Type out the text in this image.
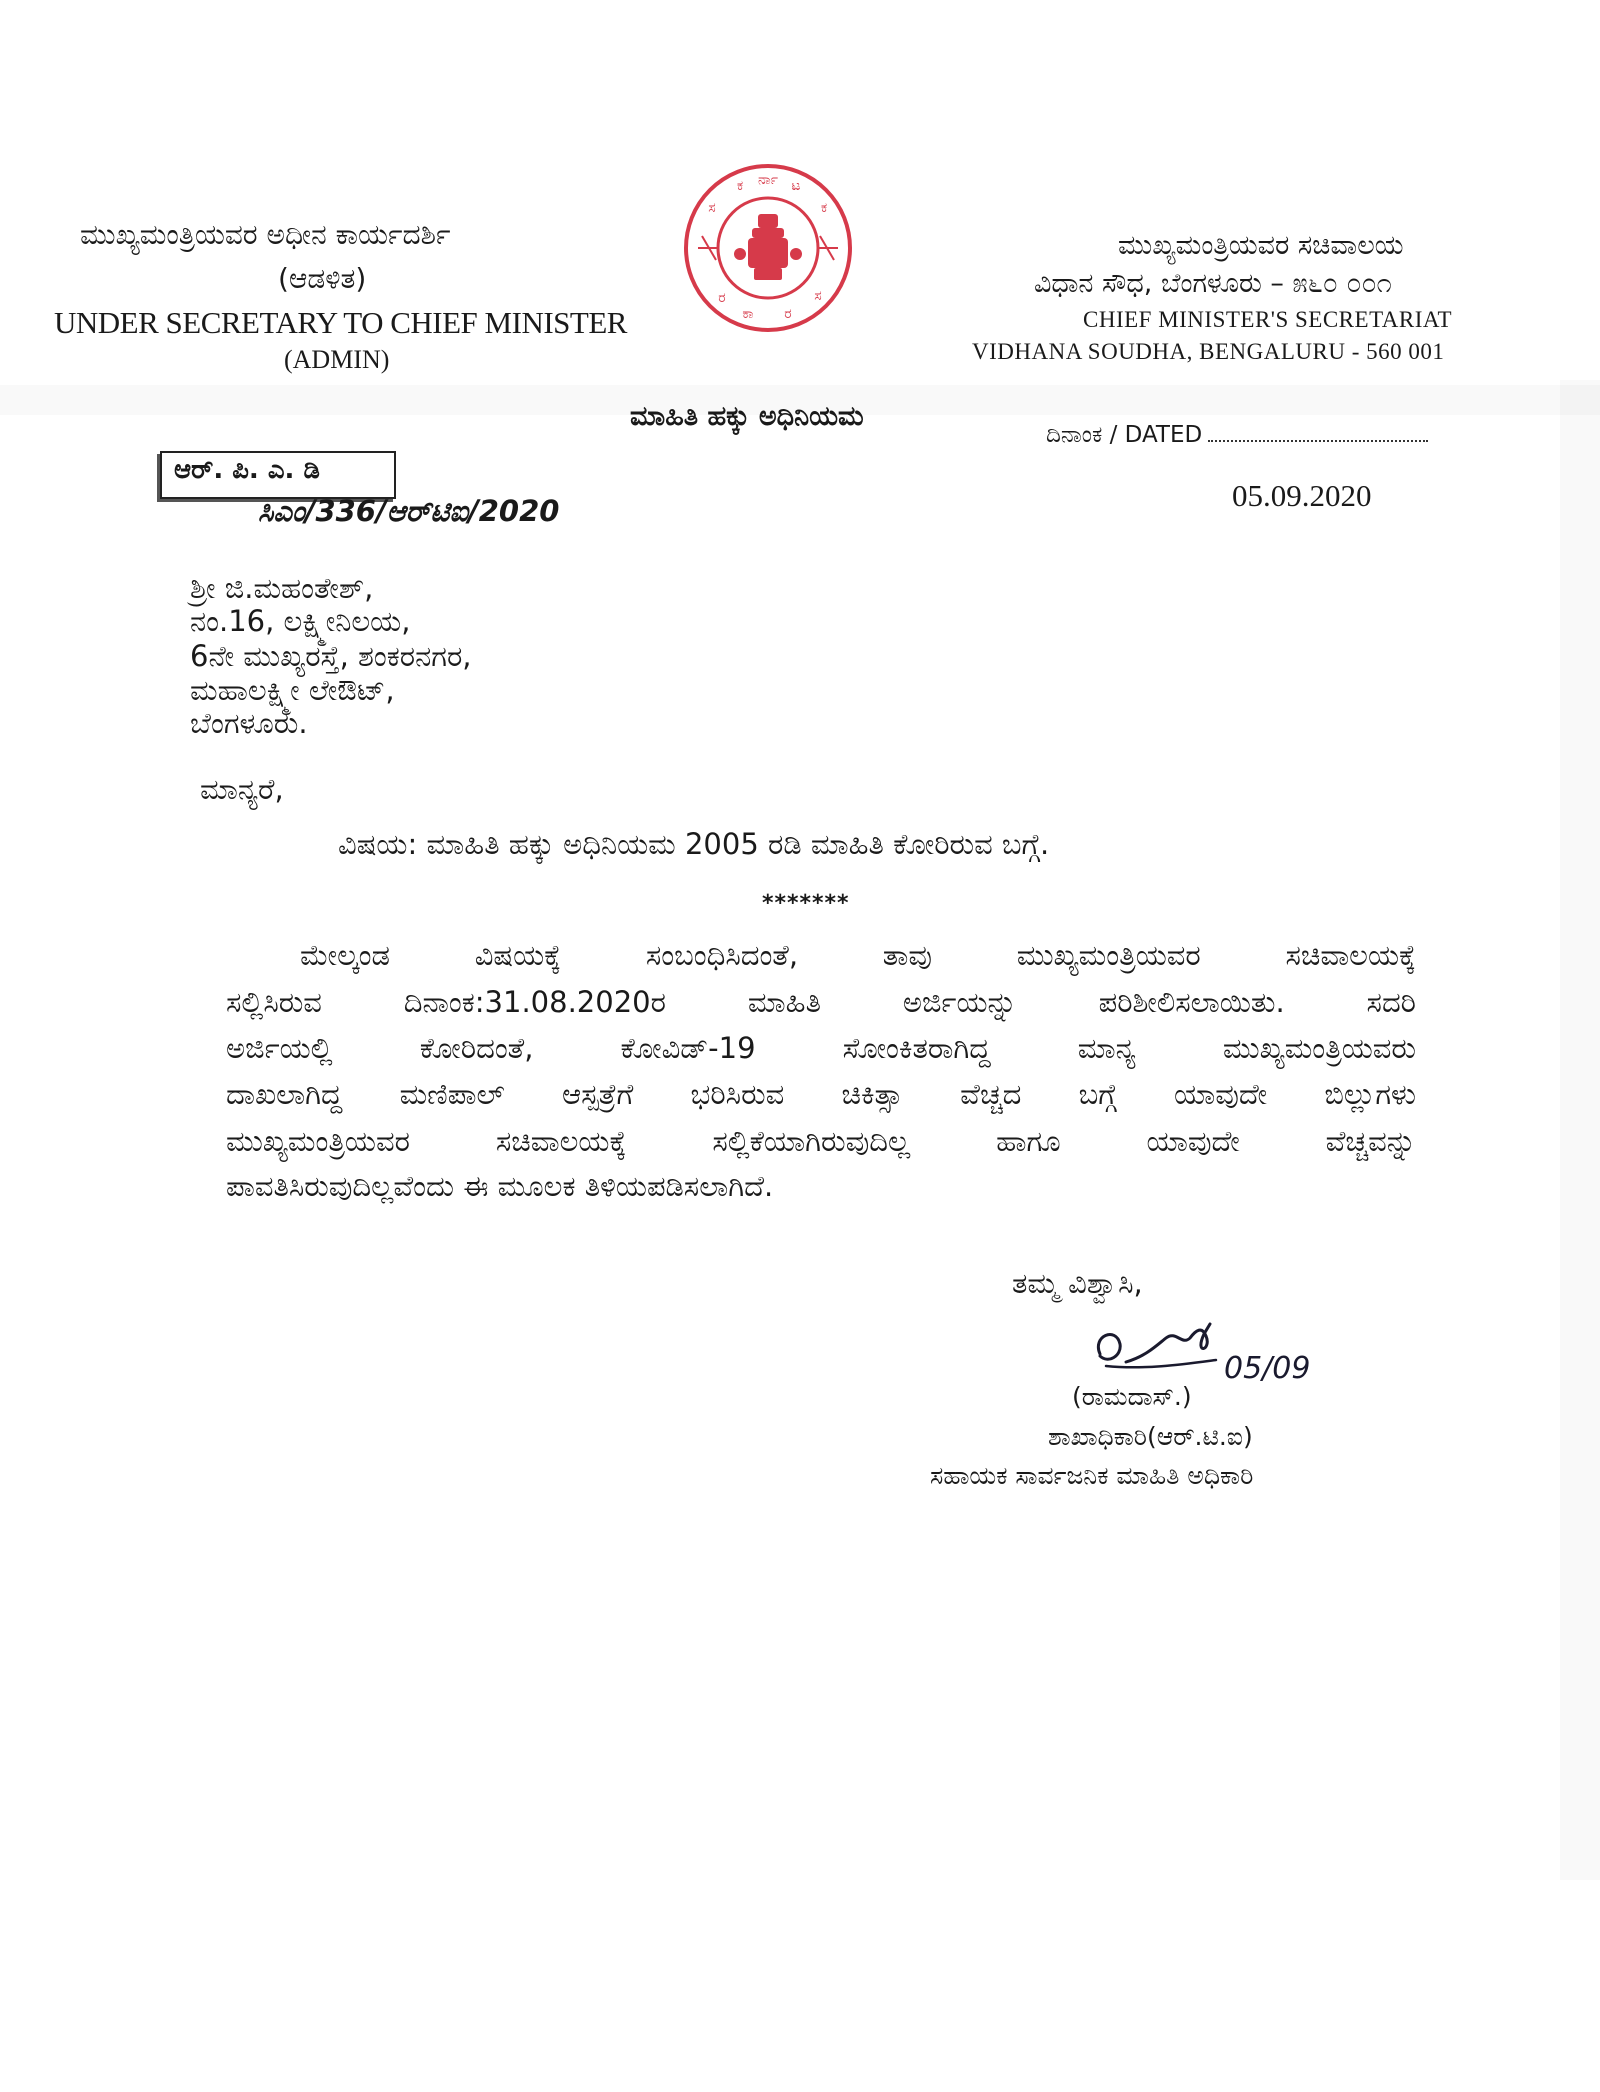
ಮುಖ್ಯಮಂತ್ರಿಯವರ ಅಧೀನ ಕಾರ್ಯದರ್ಶಿ
(ಆಡಳಿತ)
UNDER SECRETARY TO CHIEF MINISTER
(ADMIN)
ಕ ರ್ನಾ ಟ
ಕ
ಸ
ರ
ಕಾ ರ
ಸ
ಮುಖ್ಯಮಂತ್ರಿಯವರ ಸಚಿವಾಲಯ
ವಿಧಾನ ಸೌಧ, ಬೆಂಗಳೂರು – ೫೬೦ ೦೦೧
CHIEF MINISTER'S SECRETARIAT
VIDHANA SOUDHA, BENGALURU - 560 001
ಮಾಹಿತಿ ಹಕ್ಕು ಅಧಿನಿಯಮ
ದಿನಾಂಕ / DATED
05.09.2020
ಆರ್. ಪಿ. ಎ. ಡಿ
ಸಿಎಂ/336/ಆರ್‌ಟಿಐ/2020
ಶ್ರೀ ಜಿ.ಮಹಂತೇಶ್,
ನಂ.16, ಲಕ್ಷ್ಮೀನಿಲಯ,
6ನೇ ಮುಖ್ಯರಸ್ತೆ, ಶಂಕರನಗರ,
ಮಹಾಲಕ್ಷ್ಮೀ ಲೇಔಟ್,
ಬೆಂಗಳೂರು.
ಮಾನ್ಯರೆ,
ವಿಷಯ: ಮಾಹಿತಿ ಹಕ್ಕು ಅಧಿನಿಯಮ 2005 ರಡಿ ಮಾಹಿತಿ ಕೋರಿರುವ ಬಗ್ಗೆ.
*******
ಮೇಲ್ಕಂಡ ವಿಷಯಕ್ಕೆ ಸಂಬಂಧಿಸಿದಂತೆ, ತಾವು ಮುಖ್ಯಮಂತ್ರಿಯವರ ಸಚಿವಾಲಯಕ್ಕೆ
ಸಲ್ಲಿಸಿರುವ ದಿನಾಂಕ:31.08.2020ರ ಮಾಹಿತಿ ಅರ್ಜಿಯನ್ನು ಪರಿಶೀಲಿಸಲಾಯಿತು. ಸದರಿ
ಅರ್ಜಿಯಲ್ಲಿ ಕೋರಿದಂತೆ, ಕೋವಿಡ್-19 ಸೋಂಕಿತರಾಗಿದ್ದ ಮಾನ್ಯ ಮುಖ್ಯಮಂತ್ರಿಯವರು
ದಾಖಲಾಗಿದ್ದ ಮಣಿಪಾಲ್ ಆಸ್ಪತ್ರೆಗೆ ಭರಿಸಿರುವ ಚಿಕಿತ್ಸಾ ವೆಚ್ಚದ ಬಗ್ಗೆ ಯಾವುದೇ ಬಿಲ್ಲುಗಳು
ಮುಖ್ಯಮಂತ್ರಿಯವರ ಸಚಿವಾಲಯಕ್ಕೆ ಸಲ್ಲಿಕೆಯಾಗಿರುವುದಿಲ್ಲ ಹಾಗೂ ಯಾವುದೇ ವೆಚ್ಚವನ್ನು
ಪಾವತಿಸಿರುವುದಿಲ್ಲವೆಂದು ಈ ಮೂಲಕ ತಿಳಿಯಪಡಿಸಲಾಗಿದೆ.
ತಮ್ಮ ವಿಶ್ವಾಸಿ,
05/09
(ರಾಮದಾಸ್.)
ಶಾಖಾಧಿಕಾರಿ(ಆರ್.ಟಿ.ಐ)
ಸಹಾಯಕ ಸಾರ್ವಜನಿಕ ಮಾಹಿತಿ ಅಧಿಕಾರಿ
